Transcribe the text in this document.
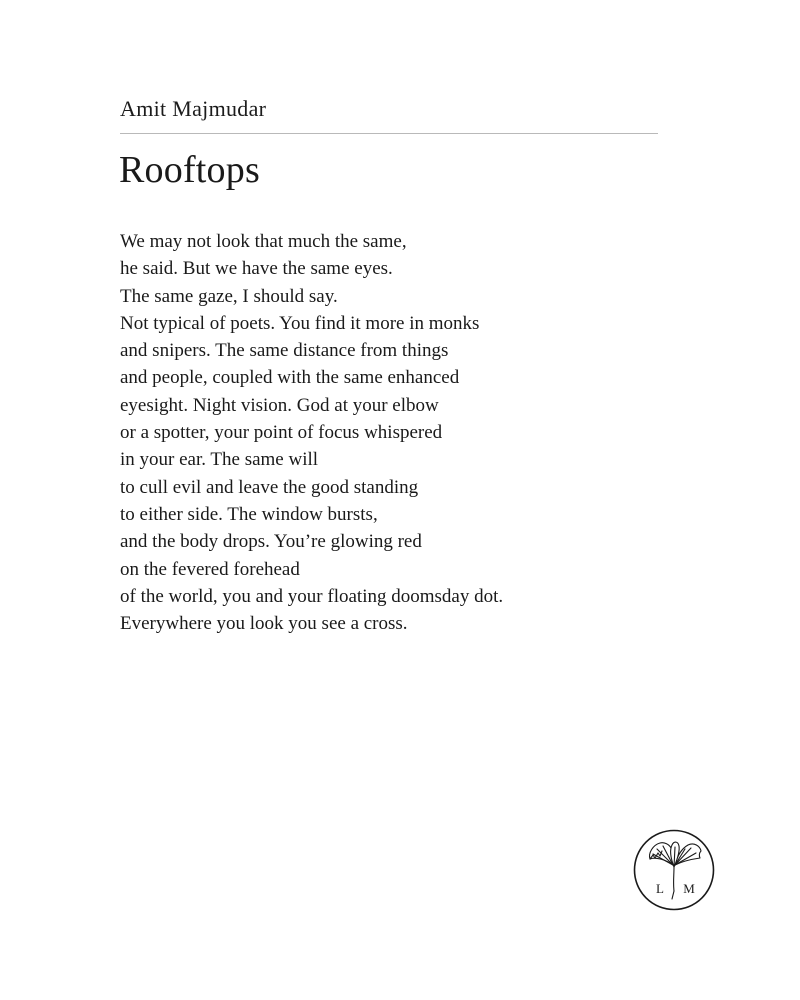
Amit Majmudar
Rooftops
We may not look that much the same,
he said. But we have the same eyes.
The same gaze, I should say.
Not typical of poets. You find it more in monks
and snipers. The same distance from things
and people, coupled with the same enhanced
eyesight. Night vision. God at your elbow
or a spotter, your point of focus whispered
in your ear. The same will
to cull evil and leave the good standing
to either side. The window bursts,
and the body drops. You’re glowing red
on the fevered forehead
of the world, you and your floating doomsday dot.
Everywhere you look you see a cross.
L M
